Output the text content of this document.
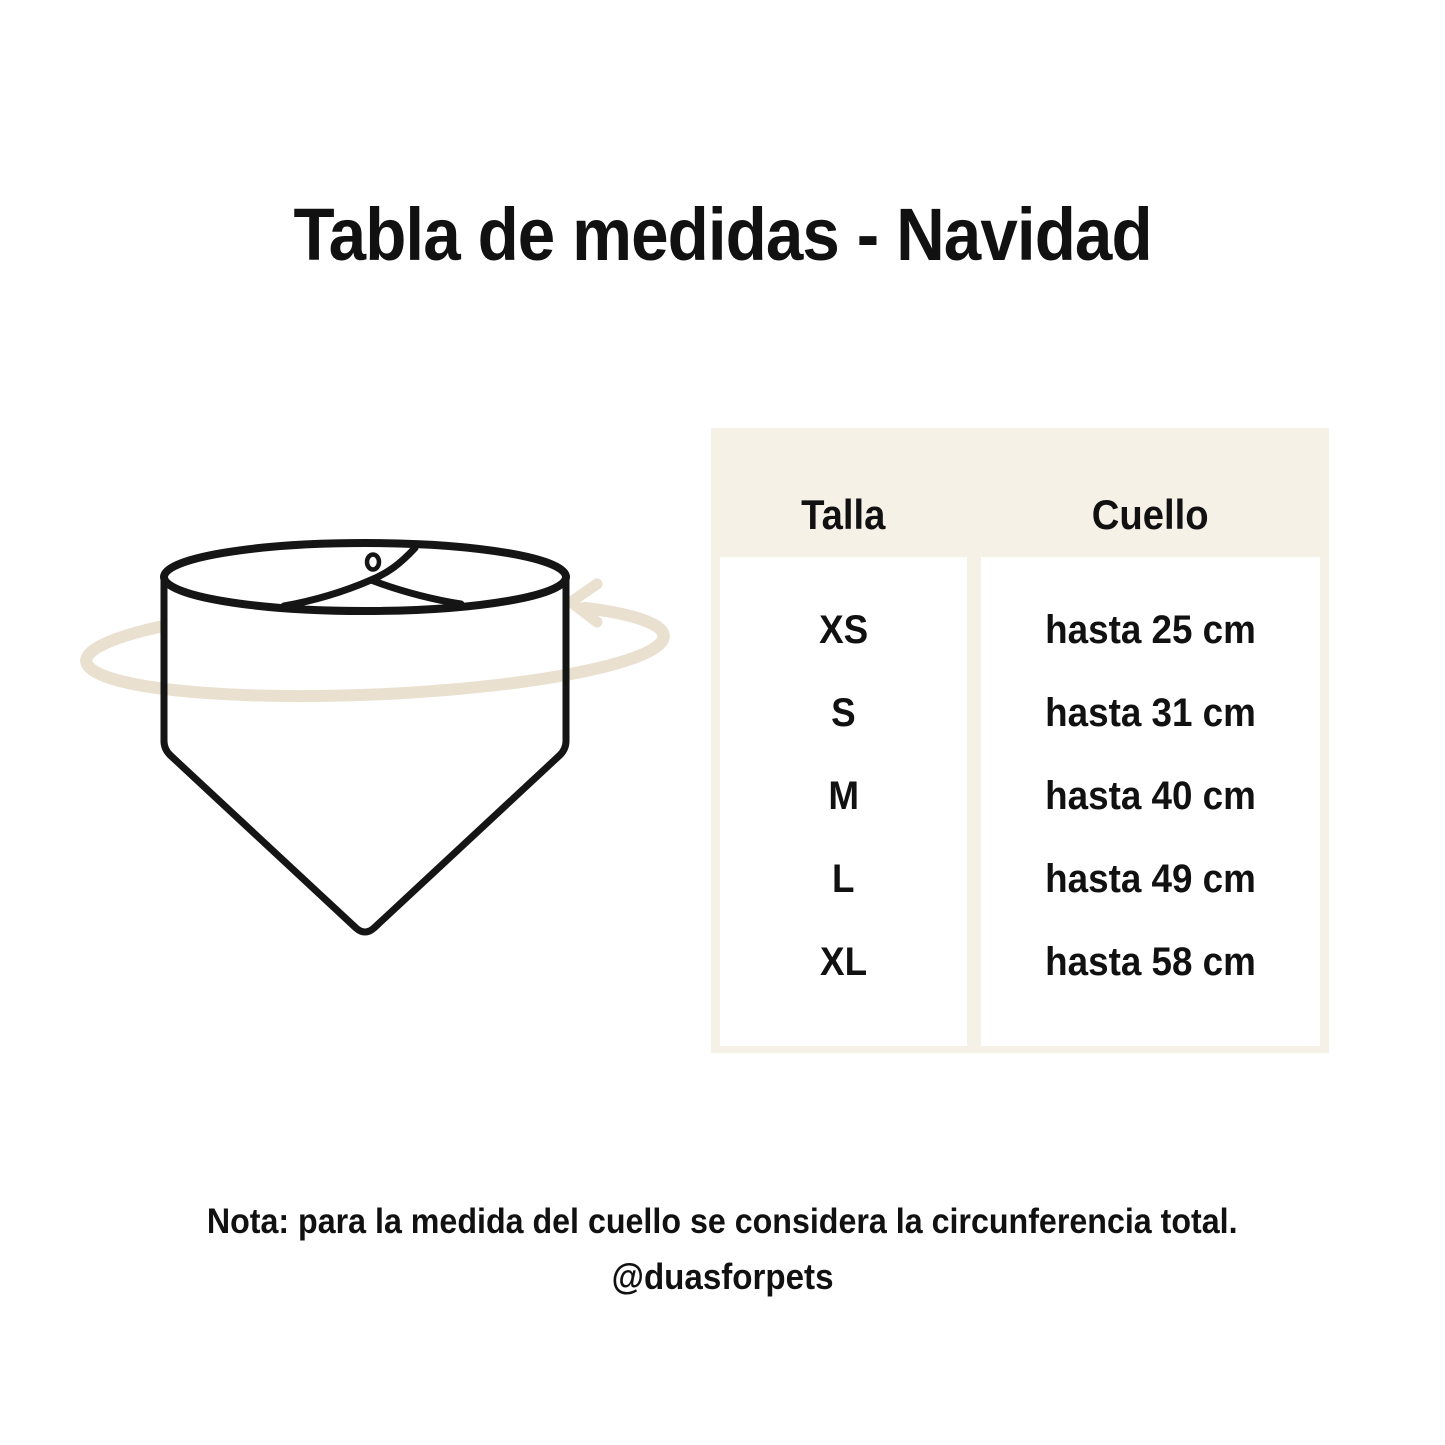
Tabla de medidas - Navidad
Talla	Cuello
XS
S
M
L
XL
hasta 25 cm
hasta 31 cm
hasta 40 cm
hasta 49 cm
hasta 58 cm
Nota: para la medida del cuello se considera la circunferencia total.
@duasforpets
